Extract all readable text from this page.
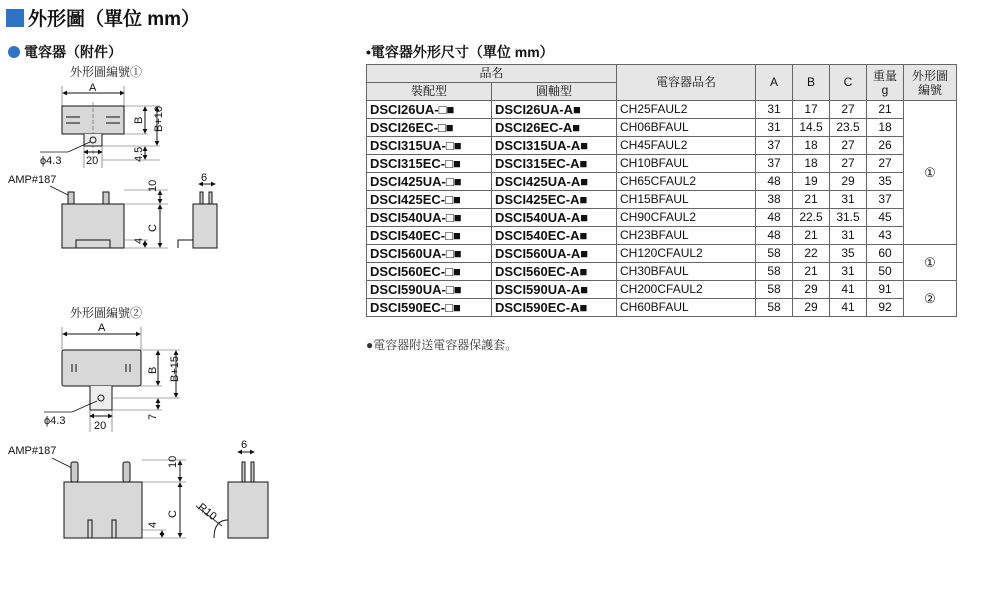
外形圖（單位 mm）
電容器（附件）	•電容器外形尺寸（單位 mm）
外形圖編號①
外形圖編號②
A
B B+10
4.5
20
ϕ4.3
AMP#187	10
C
4
6
A
B B+15
7
20
ϕ4.3
AMP#187
10
C
4
6
R10
品名		電容器品名	A	B	C	重量
g	外形圖
編號
裝配型	圓軸型						
DSCI26UA-□■	DSCI26UA-A■	CH25FAUL2	31	17	27	21	①
DSCI26EC-□■	DSCI26EC-A■	CH06BFAUL	31	14.5	23.5	18	
DSCI315UA-□■	DSCI315UA-A■	CH45FAUL2	37	18	27	26	
DSCI315EC-□■	DSCI315EC-A■	CH10BFAUL	37	18	27	27	
DSCI425UA-□■	DSCI425UA-A■	CH65CFAUL2	48	19	29	35	
DSCI425EC-□■	DSCI425EC-A■	CH15BFAUL	38	21	31	37	
DSCI540UA-□■	DSCI540UA-A■	CH90CFAUL2	48	22.5	31.5	45	
DSCI540EC-□■	DSCI540EC-A■	CH23BFAUL	48	21	31	43	
DSCI560UA-□■	DSCI560UA-A■	CH120CFAUL2	58	22	35	60	①
DSCI560EC-□■	DSCI560EC-A■	CH30BFAUL	58	21	31	50	
DSCI590UA-□■	DSCI590UA-A■	CH200CFAUL2	58	29	41	91	②
DSCI590EC-□■	DSCI590EC-A■	CH60BFAUL	58	29	41	92	
●電容器附送電容器保護套。
